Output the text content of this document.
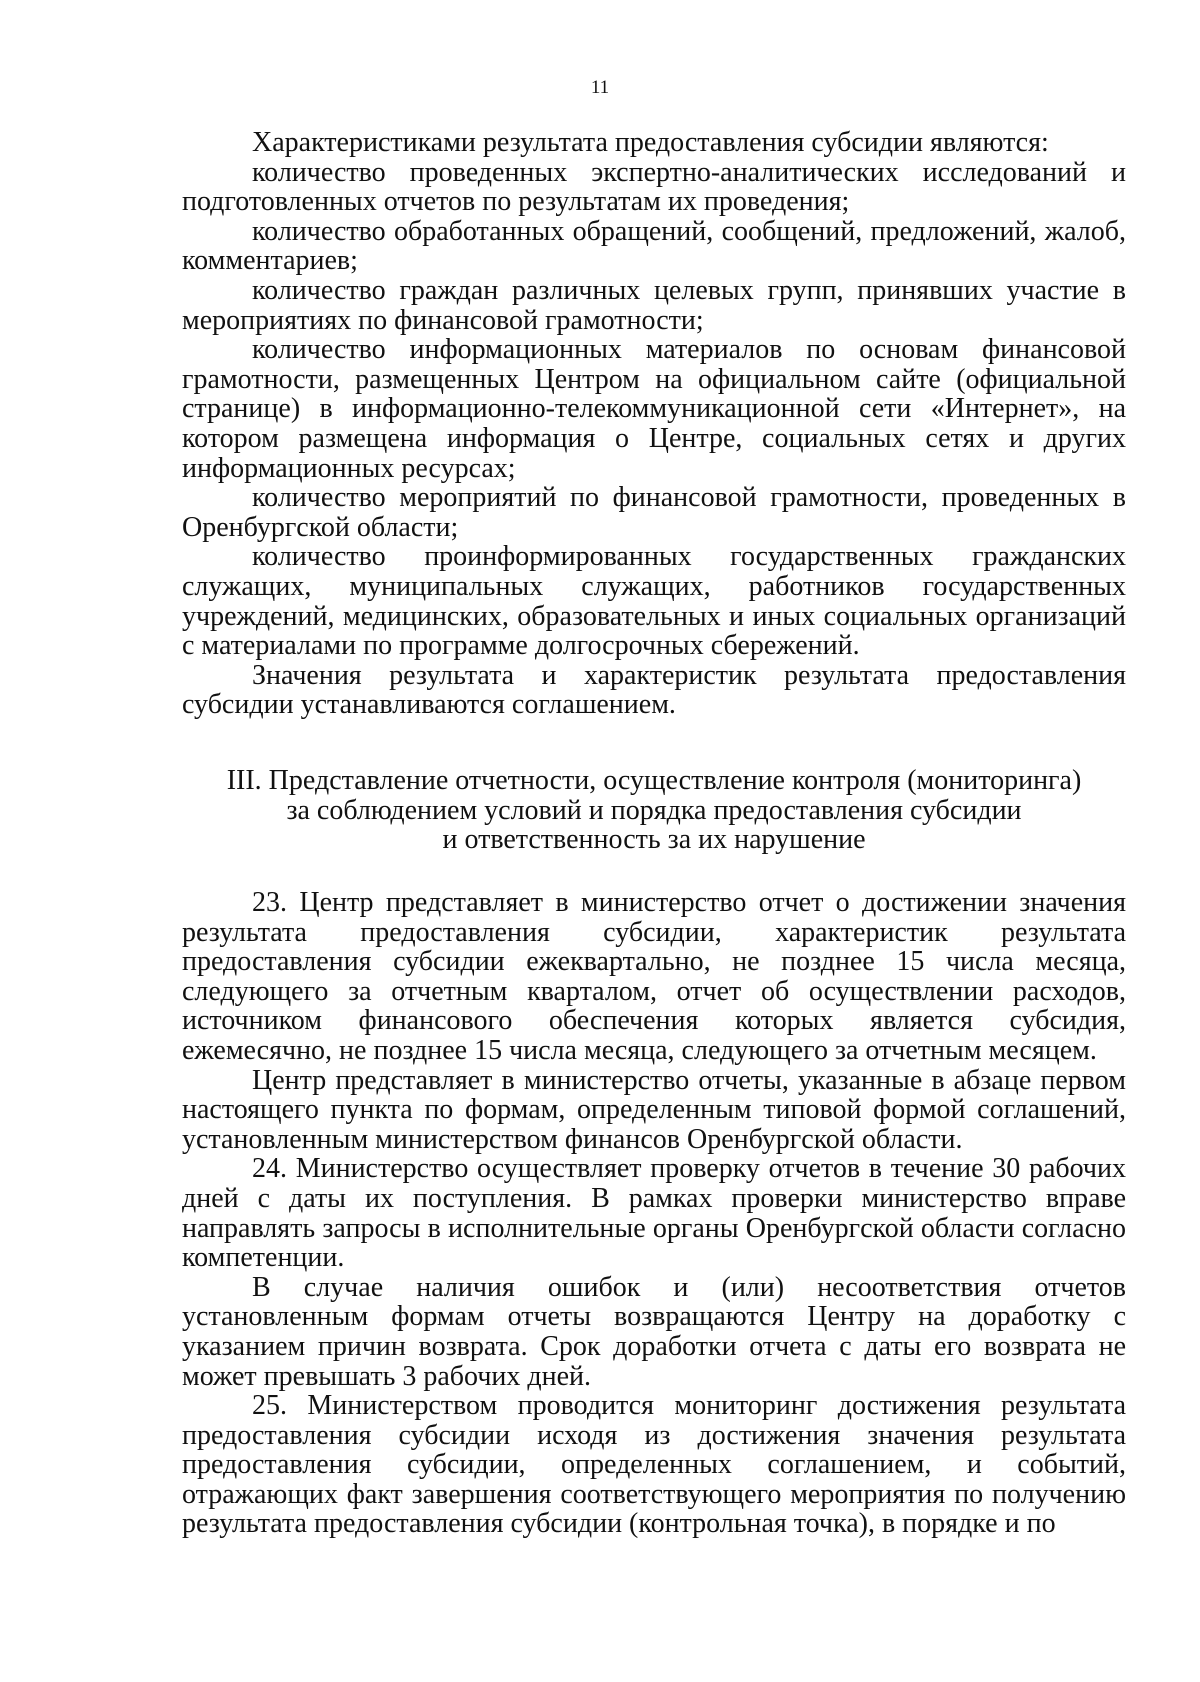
11

Характеристиками результата предоставления субсидии являются:

количество проведенных экспертно-аналитических исследований и подготовленных отчетов по результатам их проведения;

количество обработанных обращений, сообщений, предложений, жалоб, комментариев;

количество граждан различных целевых групп, принявших участие в мероприятиях по финансовой грамотности;

количество информационных материалов по основам финансовой грамотности, размещенных Центром на официальном сайте (официальной странице) в информационно-телекоммуникационной сети «Интернет», на котором размещена информация о Центре, социальных сетях и других информационных ресурсах;

количество мероприятий по финансовой грамотности, проведенных в Оренбургской области;

количество проинформированных государственных гражданских служащих, муниципальных служащих, работников государственных учреждений, медицинских, образовательных и иных социальных организаций с материалами по программе долгосрочных сбережений.

Значения результата и характеристик результата предоставления субсидии устанавливаются соглашением.

III. Представление отчетности, осуществление контроля (мониторинга)
за соблюдением условий и порядка предоставления субсидии
и ответственность за их нарушение

23. Центр представляет в министерство отчет о достижении значения результата предоставления субсидии, характеристик результата предоставления субсидии ежеквартально, не позднее 15 числа месяца, следующего за отчетным кварталом, отчет об осуществлении расходов, источником финансового обеспечения которых является субсидия, ежемесячно, не позднее 15 числа месяца, следующего за отчетным месяцем.

Центр представляет в министерство отчеты, указанные в абзаце первом настоящего пункта по формам, определенным типовой формой соглашений, установленным министерством финансов Оренбургской области.

24. Министерство осуществляет проверку отчетов в течение 30 рабочих дней с даты их поступления. В рамках проверки министерство вправе направлять запросы в исполнительные органы Оренбургской области согласно компетенции.

В случае наличия ошибок и (или) несоответствия отчетов установленным формам отчеты возвращаются Центру на доработку с указанием причин возврата. Срок доработки отчета с даты его возврата не может превышать 3 рабочих дней.

25. Министерством проводится мониторинг достижения результата предоставления субсидии исходя из достижения значения результата предоставления субсидии, определенных соглашением, и событий, отражающих факт завершения соответствующего мероприятия по получению результата предоставления субсидии (контрольная точка), в порядке и по
